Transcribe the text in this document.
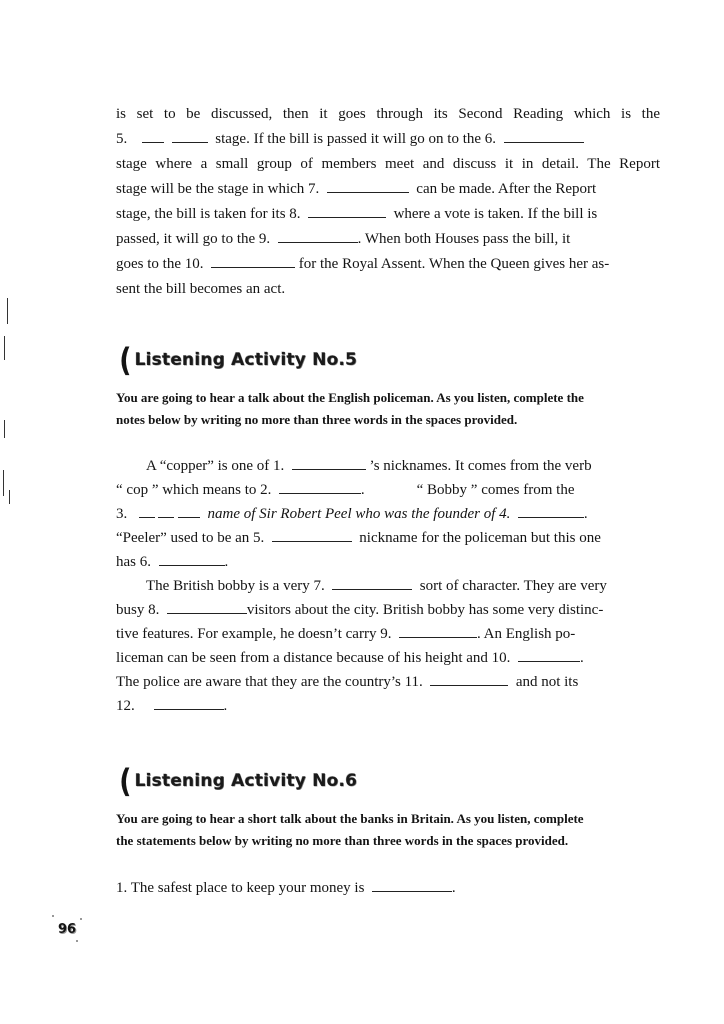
is set to be discussed, then it goes through its Second Reading which is the
5.	stage. If the bill is passed it will go on to the 6.
stage where a small group of members meet and discuss it in detail. The Report
stage will be the stage in which 7.	can be made. After the Report
stage, the bill is taken for its 8.	where a vote is taken. If the bill is
passed, it will go to the 9.	. When both Houses pass the bill, it
goes to the 10.	for the Royal Assent. When the Queen gives her as-
sent the bill becomes an act.
( Listening Activity No.5
You are going to hear a talk about the English policeman. As you listen, complete the
notes below by writing no more than three words in the spaces provided.
A “copper” is one of 1.	’s nicknames. It comes from the verb
“ cop ” which means to 2.	.	“ Bobby ” comes from the
3.	name of Sir Robert Peel who was the founder of 4.	.
“Peeler” used to be an 5.	nickname for the policeman but this one
has 6.	.
The British bobby is a very 7.	sort of character. They are very
busy 8.	visitors about the city. British bobby has some very distinc-
tive features. For example, he doesn’t carry 9.	. An English po-
liceman can be seen from a distance because of his height and 10.	.
The police are aware that they are the country’s 11.	and not its
12.	.
( Listening Activity No.6
You are going to hear a short talk about the banks in Britain. As you listen, complete
the statements below by writing no more than three words in the spaces provided.
1. The safest place to keep your money is	.
96
